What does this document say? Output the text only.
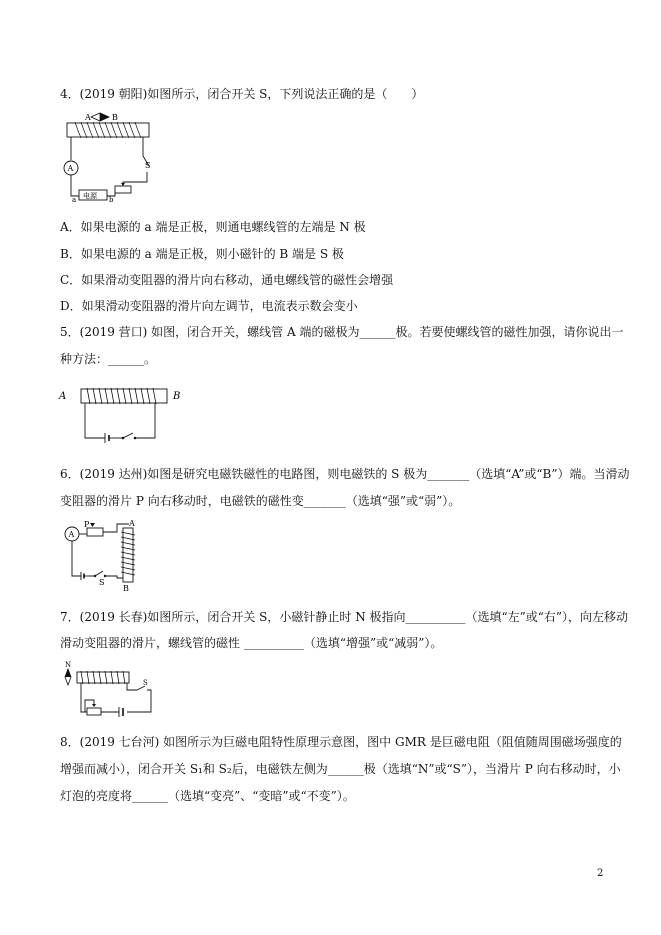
4．(2019 朝阳)如图所示，闭合开关 S，下列说法正确的是（　　）
A	B
S
A
电源
a	b
A．如果电源的 a 端是正极，则通电螺线管的左端是 N 极
B．如果电源的 a 端是正极，则小磁针的 B 端是 S 极
C．如果滑动变阻器的滑片向右移动，通电螺线管的磁性会增强
D．如果滑动变阻器的滑片向左调节，电流表示数会变小
5．(2019 营口) 如图，闭合开关，螺线管 A 端的磁极为______极。若要使螺线管的磁性加强，请你说出一
种方法：______。
A	B
6．(2019 达州)如图是研究电磁铁磁性的电路图，则电磁铁的 S 极为_______（选填“A”或“B”）端。当滑动
变阻器的滑片 P 向右移动时，电磁铁的磁性变_______（选填“强”或“弱”）。
A
P	A
B
S
7．(2019 长春)如图所示，闭合开关 S，小磁针静止时 N 极指向__________（选填“左”或“右”），向左移动
滑动变阻器的滑片，螺线管的磁性 __________（选填“增强”或“减弱”）。
N
S
8．(2019 七台河) 如图所示为巨磁电阻特性原理示意图，图中 GMR 是巨磁电阻（阻值随周围磁场强度的
增强而减小），闭合开关 S₁和 S₂后，电磁铁左侧为______极（选填“N”或“S”），当滑片 P 向右移动时，小
灯泡的亮度将______（选填“变亮”、“变暗”或“不变”）。
2
